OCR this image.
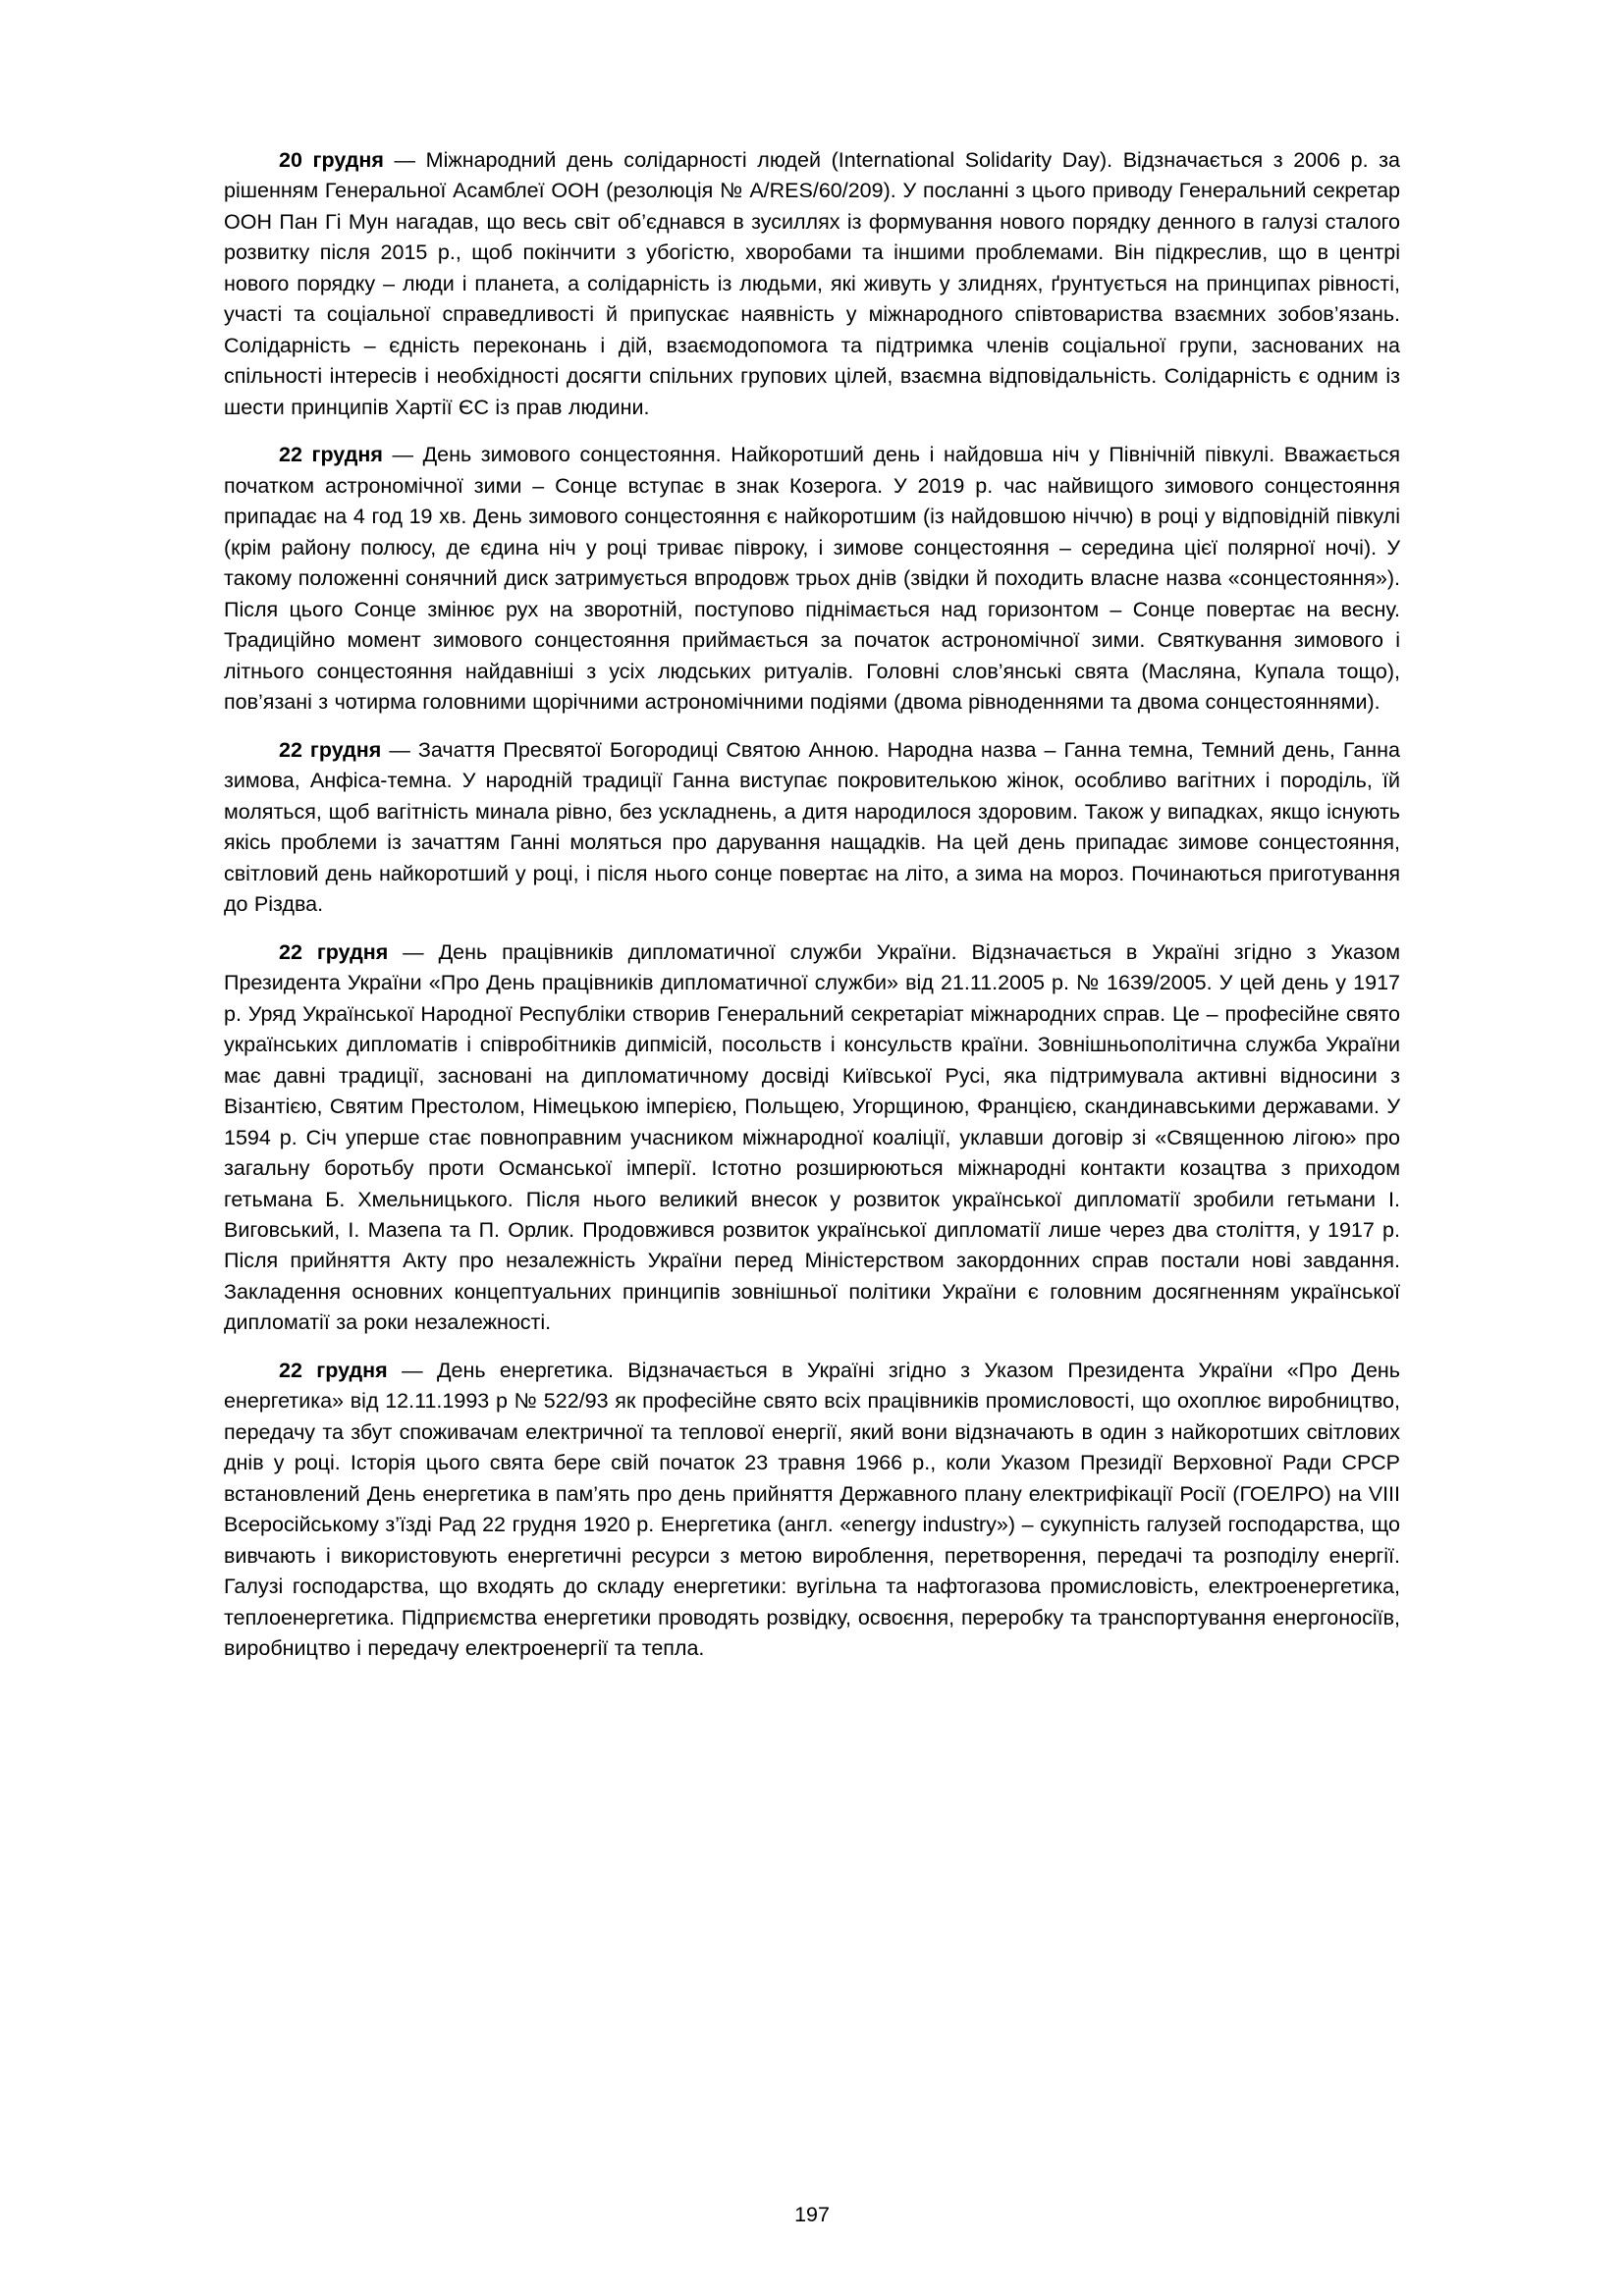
20 грудня — Міжнародний день солідарності людей (International Solidarity Day). Відзначається з 2006 р. за рішенням Генеральної Асамблеї ООН (резолюція № A/RES/60/209). У посланні з цього приводу Генеральний секретар ООН Пан Гі Мун нагадав, що весь світ об’єднався в зусиллях із формування нового порядку денного в галузі сталого розвитку після 2015 р., щоб покінчити з убогістю, хворобами та іншими проблемами. Він підкреслив, що в центрі нового порядку – люди і планета, а солідарність із людьми, які живуть у злиднях, ґрунтується на принципах рівності, участі та соціальної справедливості й припускає наявність у міжнародного співтовариства взаємних зобов’язань. Солідарність – єдність переконань і дій, взаємодопомога та підтримка членів соціальної групи, заснованих на спільності інтересів і необхідності досягти спільних групових цілей, взаємна відповідальність. Солідарність є одним із шести принципів Хартії ЄС із прав людини.

22 грудня — День зимового сонцестояння. Найкоротший день і найдовша ніч у Північній півкулі. Вважається початком астрономічної зими – Сонце вступає в знак Козерога. У 2019 р. час найвищого зимового сонцестояння припадає на 4 год 19 хв. День зимового сонцестояння є найкоротшим (із найдовшою ніччю) в році у відповідній півкулі (крім району полюсу, де єдина ніч у році триває півроку, і зимове сонцестояння – середина цієї полярної ночі). У такому положенні сонячний диск затримується впродовж трьох днів (звідки й походить власне назва «сонцестояння»). Після цього Сонце змінює рух на зворотній, поступово піднімається над горизонтом – Сонце повертає на весну. Традиційно момент зимового сонцестояння приймається за початок астрономічної зими. Святкування зимового і літнього сонцестояння найдавніші з усіх людських ритуалів. Головні слов’янські свята (Масляна, Купала тощо), пов’язані з чотирма головними щорічними астрономічними подіями (двома рівноденнями та двома сонцестояннями).

22 грудня — Зачаття Пресвятої Богородиці Святою Анною. Народна назва – Ганна темна, Темний день, Ганна зимова, Анфіса-темна. У народній традиції Ганна виступає покровителькою жінок, особливо вагітних і породіль, їй моляться, щоб вагітність минала рівно, без ускладнень, а дитя народилося здоровим. Також у випадках, якщо існують якісь проблеми із зачаттям Ганні моляться про дарування нащадків. На цей день припадає зимове сонцестояння, світловий день найкоротший у році, і після нього сонце повертає на літо, а зима на мороз. Починаються приготування до Різдва.

22 грудня — День працівників дипломатичної служби України. Відзначається в Україні згідно з Указом Президента України «Про День працівників дипломатичної служби» від 21.11.2005 р. № 1639/2005. У цей день у 1917 р. Уряд Української Народної Республіки створив Генеральний секретаріат міжнародних справ. Це – професійне свято українських дипломатів і співробітників дипмісій, посольств і консульств країни. Зовнішньополітична служба України має давні традиції, засновані на дипломатичному досвіді Київської Русі, яка підтримувала активні відносини з Візантією, Святим Престолом, Німецькою імперією, Польщею, Угорщиною, Францією, скандинавськими державами. У 1594 р. Січ уперше стає повноправним учасником міжнародної коаліції, уклавши договір зі «Священною лігою» про загальну боротьбу проти Османської імперії. Істотно розширюються міжнародні контакти козацтва з приходом гетьмана Б. Хмельницького. Після нього великий внесок у розвиток української дипломатії зробили гетьмани І. Виговський, І. Мазепа та П. Орлик. Продовжився розвиток української дипломатії лише через два століття, у 1917 р. Після прийняття Акту про незалежність України перед Міністерством закордонних справ постали нові завдання. Закладення основних концептуальних принципів зовнішньої політики України є головним досягненням української дипломатії за роки незалежності.

22 грудня — День енергетика. Відзначається в Україні згідно з Указом Президента України «Про День енергетика» від 12.11.1993 р № 522/93 як професійне свято всіх працівників промисловості, що охоплює виробництво, передачу та збут споживачам електричної та теплової енергії, який вони відзначають в один з найкоротших світлових днів у році. Історія цього свята бере свій початок 23 травня 1966 р., коли Указом Президії Верховної Ради СРСР встановлений День енергетика в пам’ять про день прийняття Державного плану електрифікації Росії (ГОЕЛРО) на VIII Всеросійському з’їзді Рад 22 грудня 1920 р. Енергетика (англ. «energy industry») – сукупність галузей господарства, що вивчають і використовують енергетичні ресурси з метою вироблення, перетворення, передачі та розподілу енергії. Галузі господарства, що входять до складу енергетики: вугільна та нафтогазова промисловість, електроенергетика, теплоенергетика. Підприємства енергетики проводять розвідку, освоєння, переробку та транспортування енергоносіїв, виробництво і передачу електроенергії та тепла.

197
